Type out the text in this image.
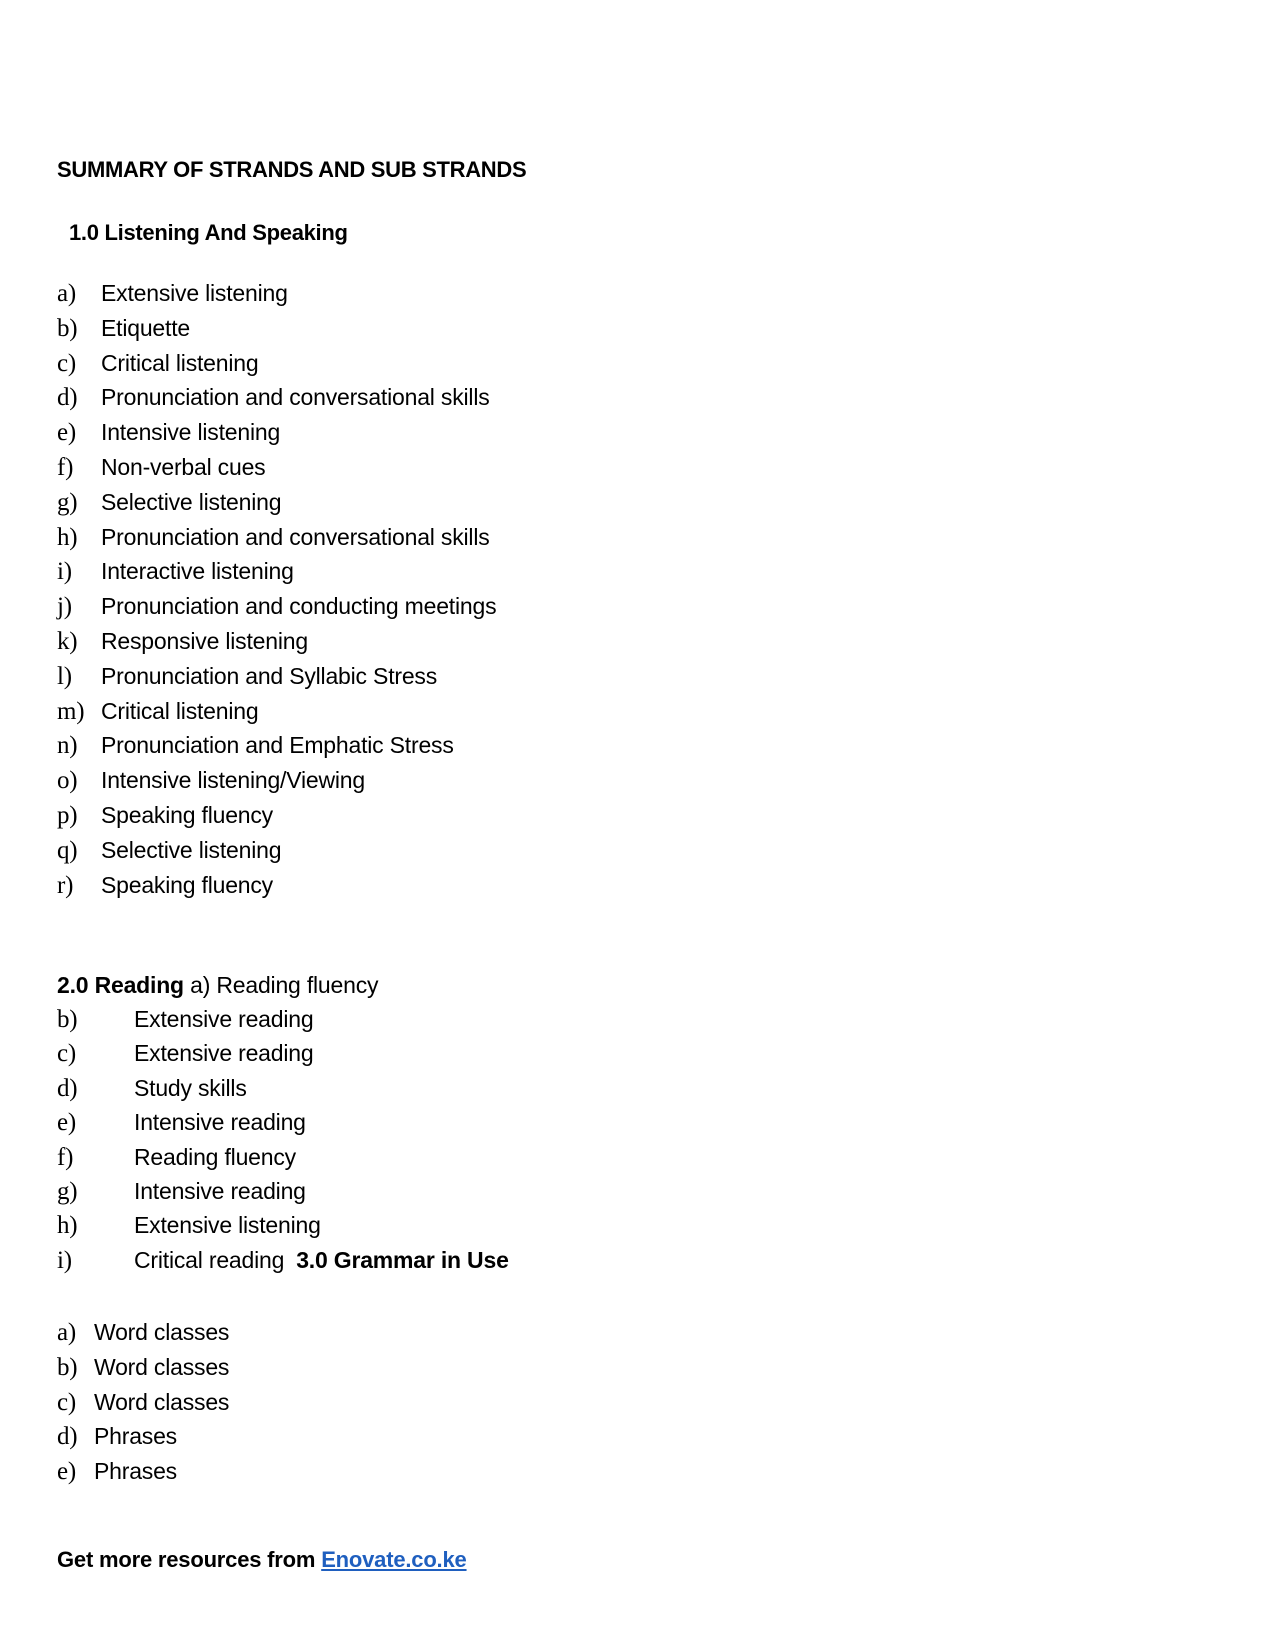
SUMMARY OF STRANDS AND SUB STRANDS
1.0 Listening And Speaking
a)	Extensive listening
b)	Etiquette
c)	Critical listening
d)	Pronunciation and conversational skills
e)	Intensive listening
f)	Non-verbal cues
g)	Selective listening
h)	Pronunciation and conversational skills
i)	Interactive listening
j)	Pronunciation and conducting meetings
k)	Responsive listening
l)	Pronunciation and Syllabic Stress
m) Critical listening
n)	Pronunciation and Emphatic Stress
o)	Intensive listening/Viewing
p)	Speaking fluency
q)	Selective listening
r)	Speaking fluency
2.0 Reading a) Reading fluency
b)	Extensive reading
c)	Extensive reading
d)	Study skills
e)	Intensive reading
f)	Reading fluency
g)	Intensive reading
h)	Extensive listening
i)	Critical reading 3.0 Grammar in Use
a) Word classes
b) Word classes
c) Word classes
d) Phrases
e) Phrases
Get more resources from Enovate.co.ke
